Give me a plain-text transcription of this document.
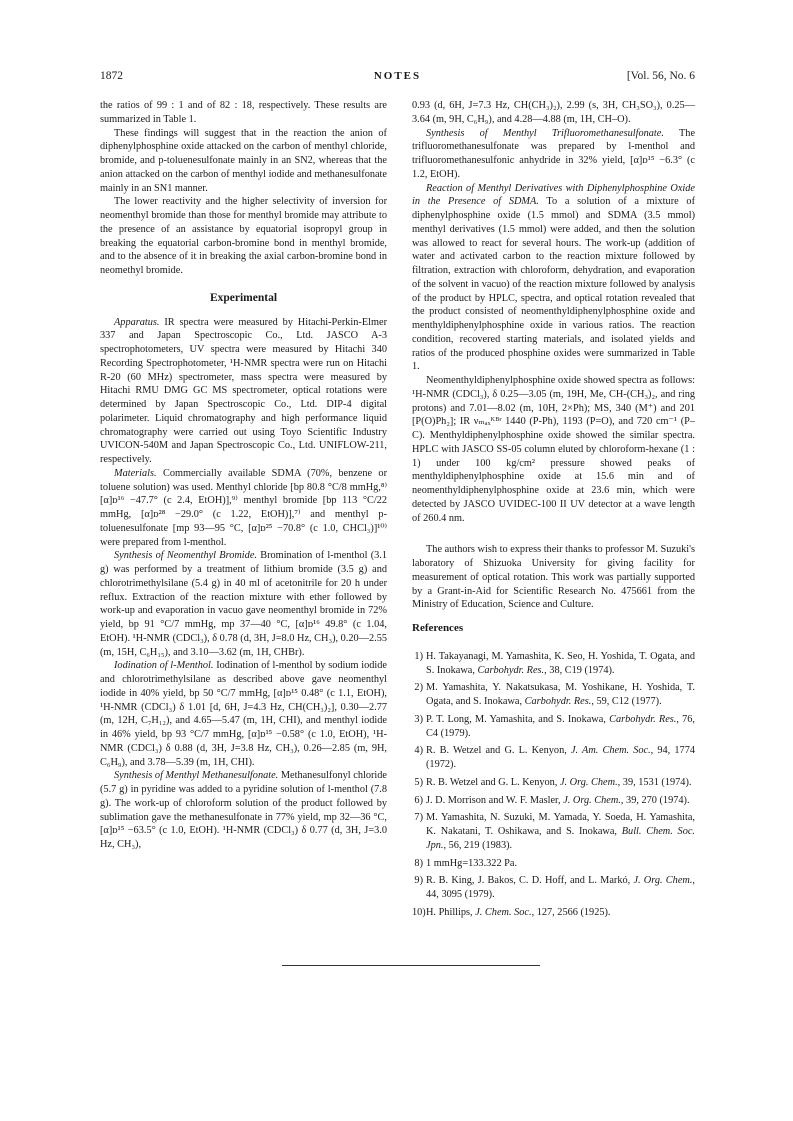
1872	NOTES	[Vol. 56, No. 6

the ratios of 99 : 1 and of 82 : 18, respectively. These results are summarized in Table 1.

These findings will suggest that in the reaction the anion of diphenylphosphine oxide attacked on the carbon of menthyl chloride, bromide, and p-toluenesulfonate mainly in an SN2, whereas that the anion attacked on the carbon of menthyl iodide and methanesulfonate mainly in an SN1 manner.

The lower reactivity and the higher selectivity of inversion for neomenthyl bromide than those for menthyl bromide may attribute to the presence of an assistance by equatorial isopropyl group in breaking the equatorial carbon-bromine bond in menthyl bromide, and to the absence of it in breaking the axial carbon-bromine bond in neomethyl bromide.

Experimental

Apparatus. IR spectra were measured by Hitachi-Perkin-Elmer 337 and Japan Spectroscopic Co., Ltd. JASCO A-3 spectrophotometers, UV spectra were measured by Hitachi 340 Recording Spectrophotometer, ¹H-NMR spectra were run on Hitachi R-20 (60 MHz) spectrometer, mass spectra were measured by Hitachi RMU DMG GC MS spectrometer, optical rotations were determined by Japan Spectroscopic Co., Ltd. DIP-4 digital polarimeter. Liquid chromatography and high performance liquid chromatography were carried out using Toyo Scientific Industry UVICON-540M and Japan Spectroscopic Co., Ltd. UNIFLOW-211, respectively.

Materials. Commercially available SDMA (70%, benzene or toluene solution) was used. Menthyl chloride [bp 80.8 °C/8 mmHg,⁸⁾ [α]ᴅ¹⁶ −47.7° (c 2.4, EtOH)],⁹⁾ menthyl bromide [bp 113 °C/22 mmHg, [α]ᴅ²⁸ −29.0° (c 1.22, EtOH)],⁷⁾ and menthyl p-toluenesulfonate [mp 93—95 °C, [α]ᴅ²⁵ −70.8° (c 1.0, CHCl₃)]¹⁰⁾ were prepared from l-menthol.

Synthesis of Neomenthyl Bromide. Bromination of l-menthol (3.1 g) was performed by a treatment of lithium bromide (3.5 g) and chlorotrimethylsilane (5.4 g) in 40 ml of acetonitrile for 20 h under reflux. Extraction of the reaction mixture with ether followed by work-up and evaporation in vacuo gave neomenthyl bromide in 72% yield, bp 91 °C/7 mmHg, mp 37—40 °C, [α]ᴅ¹⁶ 49.8° (c 1.04, EtOH). ¹H-NMR (CDCl₃), δ 0.78 (d, 3H, J=8.0 Hz, CH₃), 0.20—2.55 (m, 15H, C₆H₁₅), and 3.10—3.62 (m, 1H, CHBr).

Iodination of l-Menthol. Iodination of l-menthol by sodium iodide and chlorotrimethylsilane as described above gave neomenthyl iodide in 40% yield, bp 50 °C/7 mmHg, [α]ᴅ¹⁵ 0.48° (c 1.1, EtOH), ¹H-NMR (CDCl₃) δ 1.01 [d, 6H, J=4.3 Hz, CH(CH₃)₂], 0.30—2.77 (m, 12H, C₇H₁₂), and 4.65—5.47 (m, 1H, CHI), and menthyl iodide in 46% yield, bp 93 °C/7 mmHg, [α]ᴅ¹⁵ −0.58° (c 1.0, EtOH), ¹H-NMR (CDCl₃) δ 0.88 (d, 3H, J=3.8 Hz, CH₃), 0.26—2.85 (m, 9H, C₆H₉), and 3.78—5.39 (m, 1H, CHI).

Synthesis of Menthyl Methanesulfonate. Methanesulfonyl chloride (5.7 g) in pyridine was added to a pyridine solution of l-menthol (7.8 g). The work-up of chloroform solution of the product followed by sublimation gave the methanesulfonate in 77% yield, mp 32—36 °C, [α]ᴅ¹⁵ −63.5° (c 1.0, EtOH). ¹H-NMR (CDCl₃) δ 0.77 (d, 3H, J=3.0 Hz, CH₃),

0.93 (d, 6H, J=7.3 Hz, CH(CH₃)₂), 2.99 (s, 3H, CH₃SO₃), 0.25—3.64 (m, 9H, C₆H₉), and 4.28—4.88 (m, 1H, CH–O).

Synthesis of Menthyl Trifluoromethanesulfonate. The trifluoromethanesulfonate was prepared by l-menthol and trifluoromethanesulfonic anhydride in 32% yield, [α]ᴅ¹⁵ −6.3° (c 1.2, EtOH).

Reaction of Menthyl Derivatives with Diphenylphosphine Oxide in the Presence of SDMA. To a solution of a mixture of diphenylphosphine oxide (1.5 mmol) and SDMA (3.5 mmol) menthyl derivatives (1.5 mmol) were added, and then the solution was allowed to react for several hours. The work-up (addition of water and activated carbon to the reaction mixture followed by filtration, extraction with chloroform, dehydration, and evaporation of the solvent in vacuo) of the reaction mixture followed by analysis of the product by HPLC, spectra, and optical rotation revealed that the product consisted of neomenthyldiphenylphosphine oxide and menthyldiphenylphosphine oxide in various ratios. The reaction condition, recovered starting materials, and isolated yields and ratios of the produced phosphine oxides were summarized in Table 1.

Neomenthyldiphenylphosphine oxide showed spectra as follows: ¹H-NMR (CDCl₃), δ 0.25—3.05 (m, 19H, Me, CH-(CH₃)₂, and ring protons) and 7.01—8.02 (m, 10H, 2×Ph); MS, 340 (M⁺) and 201 [P(O)Ph₂]; IR νₘₐₓᴷᴮʳ 1440 (P-Ph), 1193 (P=O), and 720 cm⁻¹ (P–C). Menthyldiphenylphosphine oxide showed the similar spectra. HPLC with JASCO SS-05 column eluted by chloroform-hexane (1 : 1) under 100 kg/cm² pressure showed peaks of menthyldiphenylphosphine oxide at 15.6 min and of neomenthyldiphenylphosphine oxide at 23.6 min, which were detected by JASCO UVIDEC-100 II UV detector at a wave length of 260.4 nm.

The authors wish to express their thanks to professor M. Suzuki's laboratory of Shizuoka University for giving facility for measurement of optical rotation. This work was partially supported by a Grant-in-Aid for Scientific Research No. 475661 from the Ministry of Education, Science and Culture.

References
1) H. Takayanagi, M. Yamashita, K. Seo, H. Yoshida, T. Ogata, and S. Inokawa, Carbohydr. Res., 38, C19 (1974).
2) M. Yamashita, Y. Nakatsukasa, M. Yoshikane, H. Yoshida, T. Ogata, and S. Inokawa, Carbohydr. Res., 59, C12 (1977).
3) P. T. Long, M. Yamashita, and S. Inokawa, Carbohydr. Res., 76, C4 (1979).
4) R. B. Wetzel and G. L. Kenyon, J. Am. Chem. Soc., 94, 1774 (1972).
5) R. B. Wetzel and G. L. Kenyon, J. Org. Chem., 39, 1531 (1974).
6) J. D. Morrison and W. F. Masler, J. Org. Chem., 39, 270 (1974).
7) M. Yamashita, N. Suzuki, M. Yamada, Y. Soeda, H. Yamashita, K. Nakatani, T. Oshikawa, and S. Inokawa, Bull. Chem. Soc. Jpn., 56, 219 (1983).
8) 1 mmHg=133.322 Pa.
9) R. B. King, J. Bakos, C. D. Hoff, and L. Markó, J. Org. Chem., 44, 3095 (1979).
10) H. Phillips, J. Chem. Soc., 127, 2566 (1925).
